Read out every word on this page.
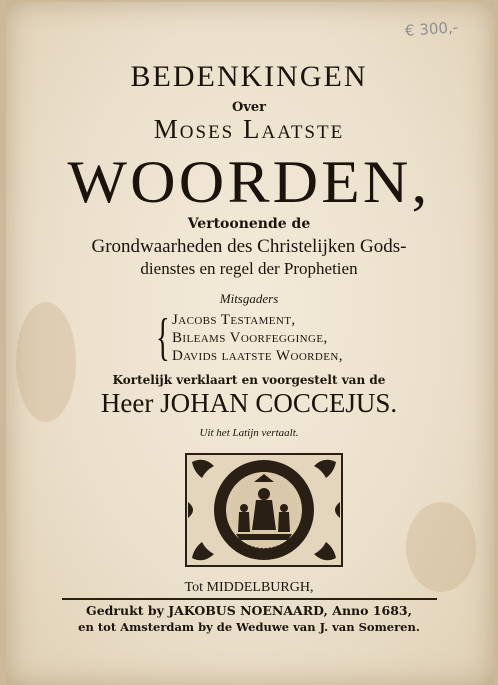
€ 300,-
BEDENKINGEN
Over
Moses Laatste
WOORDEN,
Vertoonende de
Grondwaarheden des Christelijken Gods-
dienstes en regel der Prophetien
Mitsgaders
{ Jacobs Testament,
Bileams Voorfegginge,
Davids laatste Woorden,
Kortelijk verklaart en voorgestelt van de
Heer JOHAN COCCEJUS.
Uit het Latijn vertaalt.
Tot MIDDELBURGH,
Gedrukt by JAKOBUS NOENAARD, Anno 1683,
en tot Amsterdam by de Weduwe van J. van Someren.
